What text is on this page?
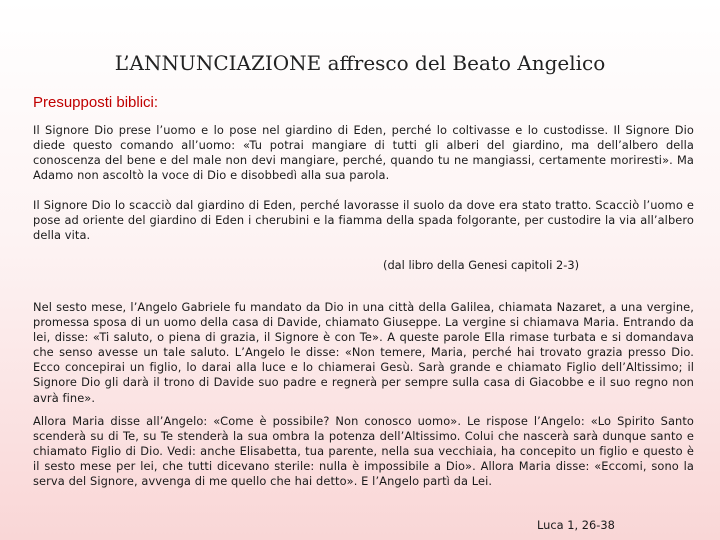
L’ANNUNCIAZIONE affresco del Beato Angelico
Presupposti biblici:

Il Signore Dio prese l’uomo e lo pose nel giardino di Eden, perché lo coltivasse e lo custodisse. Il Signore Dio diede questo comando all’uomo: «Tu potrai mangiare di tutti gli alberi del giardino, ma dell’albero della conoscenza del bene e del male non devi mangiare, perché, quando tu ne mangiassi, certamente moriresti». Ma Adamo non ascoltò la voce di Dio e disobbedì alla sua parola.

Il Signore Dio lo scacciò dal giardino di Eden, perché lavorasse il suolo da dove era stato tratto. Scacciò l’uomo e pose ad oriente del giardino di Eden i cherubini e la fiamma della spada folgorante, per custodire la via all’albero della vita.

(dal libro della Genesi capitoli 2-3)

Nel sesto mese, l’Angelo Gabriele fu mandato da Dio in una città della Galilea, chiamata Nazaret, a una vergine, promessa sposa di un uomo della casa di Davide, chiamato Giuseppe. La vergine si chiamava Maria. Entrando da lei, disse: «Ti saluto, o piena di grazia, il Signore è con Te». A queste parole Ella rimase turbata e si domandava che senso avesse un tale saluto. L’Angelo le disse: «Non temere, Maria, perché hai trovato grazia presso Dio. Ecco concepirai un figlio, lo darai alla luce e lo chiamerai Gesù. Sarà grande e chiamato Figlio dell’Altissimo; il Signore Dio gli darà il trono di Davide suo padre e regnerà per sempre sulla casa di Giacobbe e il suo regno non avrà fine».

Allora Maria disse all’Angelo: «Come è possibile? Non conosco uomo». Le rispose l’Angelo: «Lo Spirito Santo scenderà su di Te, su Te stenderà la sua ombra la potenza dell’Altissimo. Colui che nascerà sarà dunque santo e chiamato Figlio di Dio. Vedi: anche Elisabetta, tua parente, nella sua vecchiaia, ha concepito un figlio e questo è il sesto mese per lei, che tutti dicevano sterile: nulla è impossibile a Dio». Allora Maria disse: «Eccomi, sono la serva del Signore, avvenga di me quello che hai detto». E l’Angelo partì da Lei.

Luca 1, 26-38
